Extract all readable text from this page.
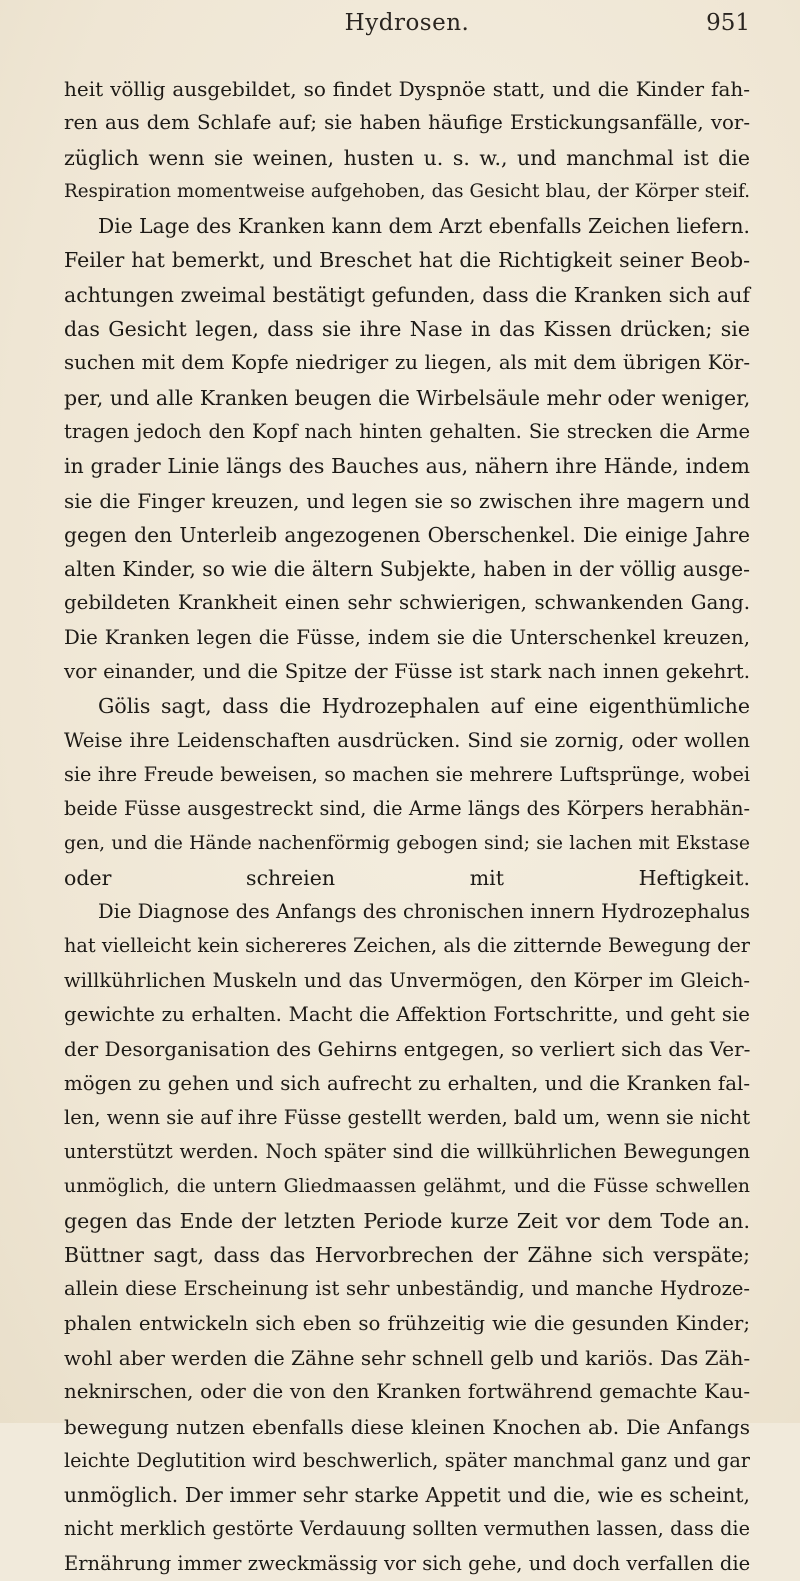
Hydrosen.	951
heit völlig ausgebildet, so findet Dyspnöe statt, und die Kinder fah-
ren aus dem Schlafe auf; sie haben häufige Erstickungsanfälle, vor-
züglich wenn sie weinen, husten u. s. w., und manchmal ist die
Respiration momentweise aufgehoben, das Gesicht blau, der Körper steif.
Die Lage des Kranken kann dem Arzt ebenfalls Zeichen liefern.
Feiler hat bemerkt, und Breschet hat die Richtigkeit seiner Beob-
achtungen zweimal bestätigt gefunden, dass die Kranken sich auf
das Gesicht legen, dass sie ihre Nase in das Kissen drücken; sie
suchen mit dem Kopfe niedriger zu liegen, als mit dem übrigen Kör-
per, und alle Kranken beugen die Wirbelsäule mehr oder weniger,
tragen jedoch den Kopf nach hinten gehalten. Sie strecken die Arme
in grader Linie längs des Bauches aus, nähern ihre Hände, indem
sie die Finger kreuzen, und legen sie so zwischen ihre magern und
gegen den Unterleib angezogenen Oberschenkel. Die einige Jahre
alten Kinder, so wie die ältern Subjekte, haben in der völlig ausge-
gebildeten Krankheit einen sehr schwierigen, schwankenden Gang.
Die Kranken legen die Füsse, indem sie die Unterschenkel kreuzen,
vor einander, und die Spitze der Füsse ist stark nach innen gekehrt.
Gölis sagt, dass die Hydrozephalen auf eine eigenthümliche
Weise ihre Leidenschaften ausdrücken. Sind sie zornig, oder wollen
sie ihre Freude beweisen, so machen sie mehrere Luftsprünge, wobei
beide Füsse ausgestreckt sind, die Arme längs des Körpers herabhän-
gen, und die Hände nachenförmig gebogen sind; sie lachen mit Ekstase
oder schreien mit Heftigkeit.
Die Diagnose des Anfangs des chronischen innern Hydrozephalus
hat vielleicht kein sichereres Zeichen, als die zitternde Bewegung der
willkührlichen Muskeln und das Unvermögen, den Körper im Gleich-
gewichte zu erhalten. Macht die Affektion Fortschritte, und geht sie
der Desorganisation des Gehirns entgegen, so verliert sich das Ver-
mögen zu gehen und sich aufrecht zu erhalten, und die Kranken fal-
len, wenn sie auf ihre Füsse gestellt werden, bald um, wenn sie nicht
unterstützt werden. Noch später sind die willkührlichen Bewegungen
unmöglich, die untern Gliedmaassen gelähmt, und die Füsse schwellen
gegen das Ende der letzten Periode kurze Zeit vor dem Tode an.
Büttner sagt, dass das Hervorbrechen der Zähne sich verspäte;
allein diese Erscheinung ist sehr unbeständig, und manche Hydroze-
phalen entwickeln sich eben so frühzeitig wie die gesunden Kinder;
wohl aber werden die Zähne sehr schnell gelb und kariös. Das Zäh-
neknirschen, oder die von den Kranken fortwährend gemachte Kau-
bewegung nutzen ebenfalls diese kleinen Knochen ab. Die Anfangs
leichte Deglutition wird beschwerlich, später manchmal ganz und gar
unmöglich. Der immer sehr starke Appetit und die, wie es scheint,
nicht merklich gestörte Verdauung sollten vermuthen lassen, dass die
Ernährung immer zweckmässig vor sich gehe, und doch verfallen die
